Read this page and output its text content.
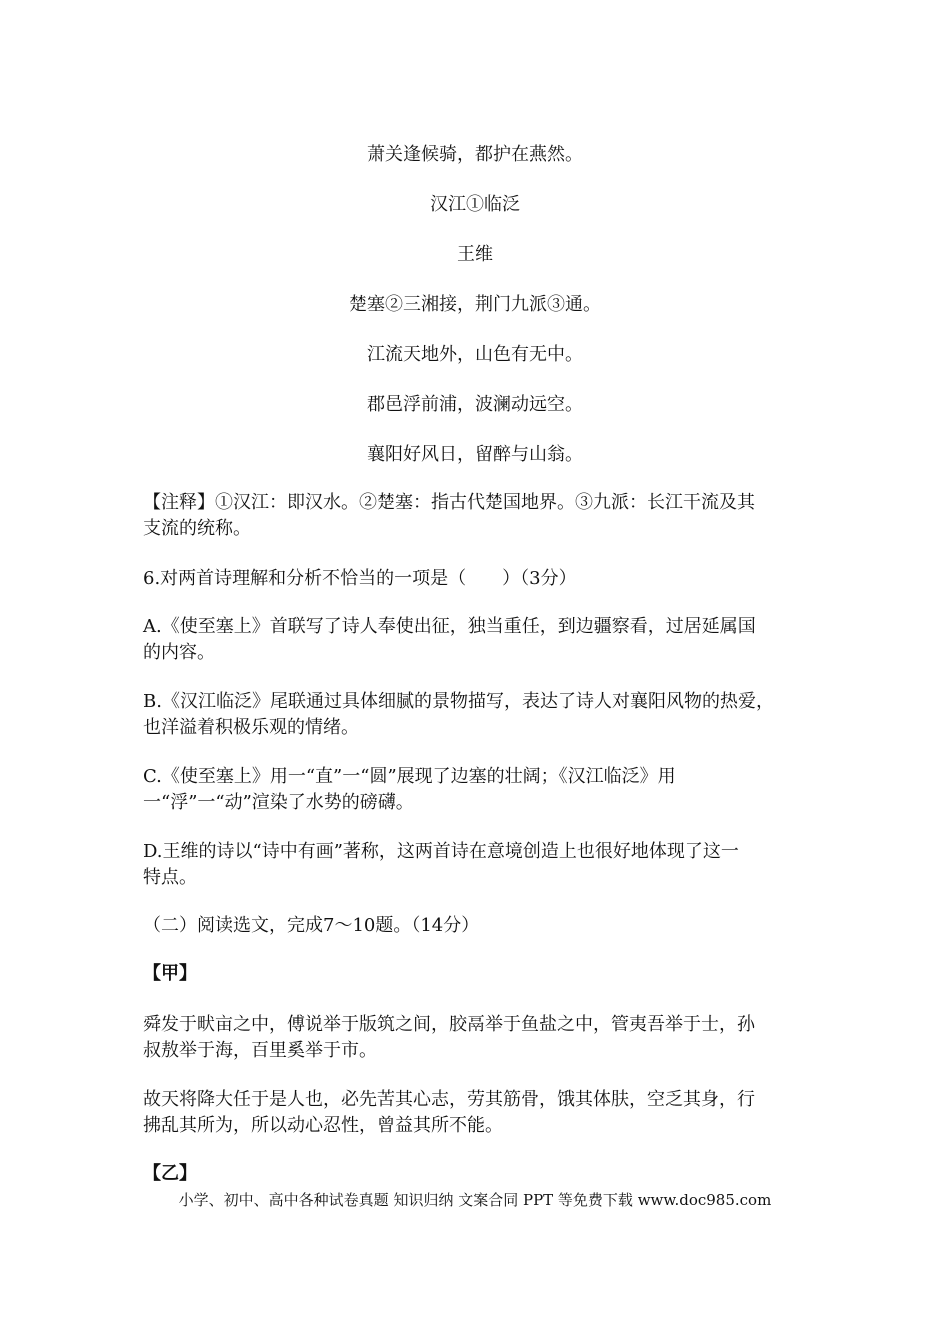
萧关逢候骑，都护在燕然。
汉江①临泛
王维
楚塞②三湘接，荆门九派③通。
江流天地外，山色有无中。
郡邑浮前浦，波澜动远空。
襄阳好风日，留醉与山翁。
【注释】①汉江：即汉水。②楚塞：指古代楚国地界。③九派：长江干流及其
支流的统称。
6.对两首诗理解和分析不恰当的一项是（　　）（3分）
A.《使至塞上》首联写了诗人奉使出征，独当重任，到边疆察看，过居延属国
的内容。
B.《汉江临泛》尾联通过具体细腻的景物描写，表达了诗人对襄阳风物的热爱，
也洋溢着积极乐观的情绪。
C.《使至塞上》用一“直”一“圆”展现了边塞的壮阔；《汉江临泛》用
一“浮”一“动”渲染了水势的磅礴。
D.王维的诗以“诗中有画”著称，这两首诗在意境创造上也很好地体现了这一
特点。
（二）阅读选文，完成7～10题。（14分）
【甲】
舜发于畎亩之中，傅说举于版筑之间，胶鬲举于鱼盐之中，管夷吾举于士，孙
叔敖举于海，百里奚举于市。
故天将降大任于是人也，必先苦其心志，劳其筋骨，饿其体肤，空乏其身，行
拂乱其所为，所以动心忍性，曾益其所不能。
【乙】
小学、初中、高中各种试卷真题 知识归纳 文案合同 PPT 等免费下载 www.doc985.com
